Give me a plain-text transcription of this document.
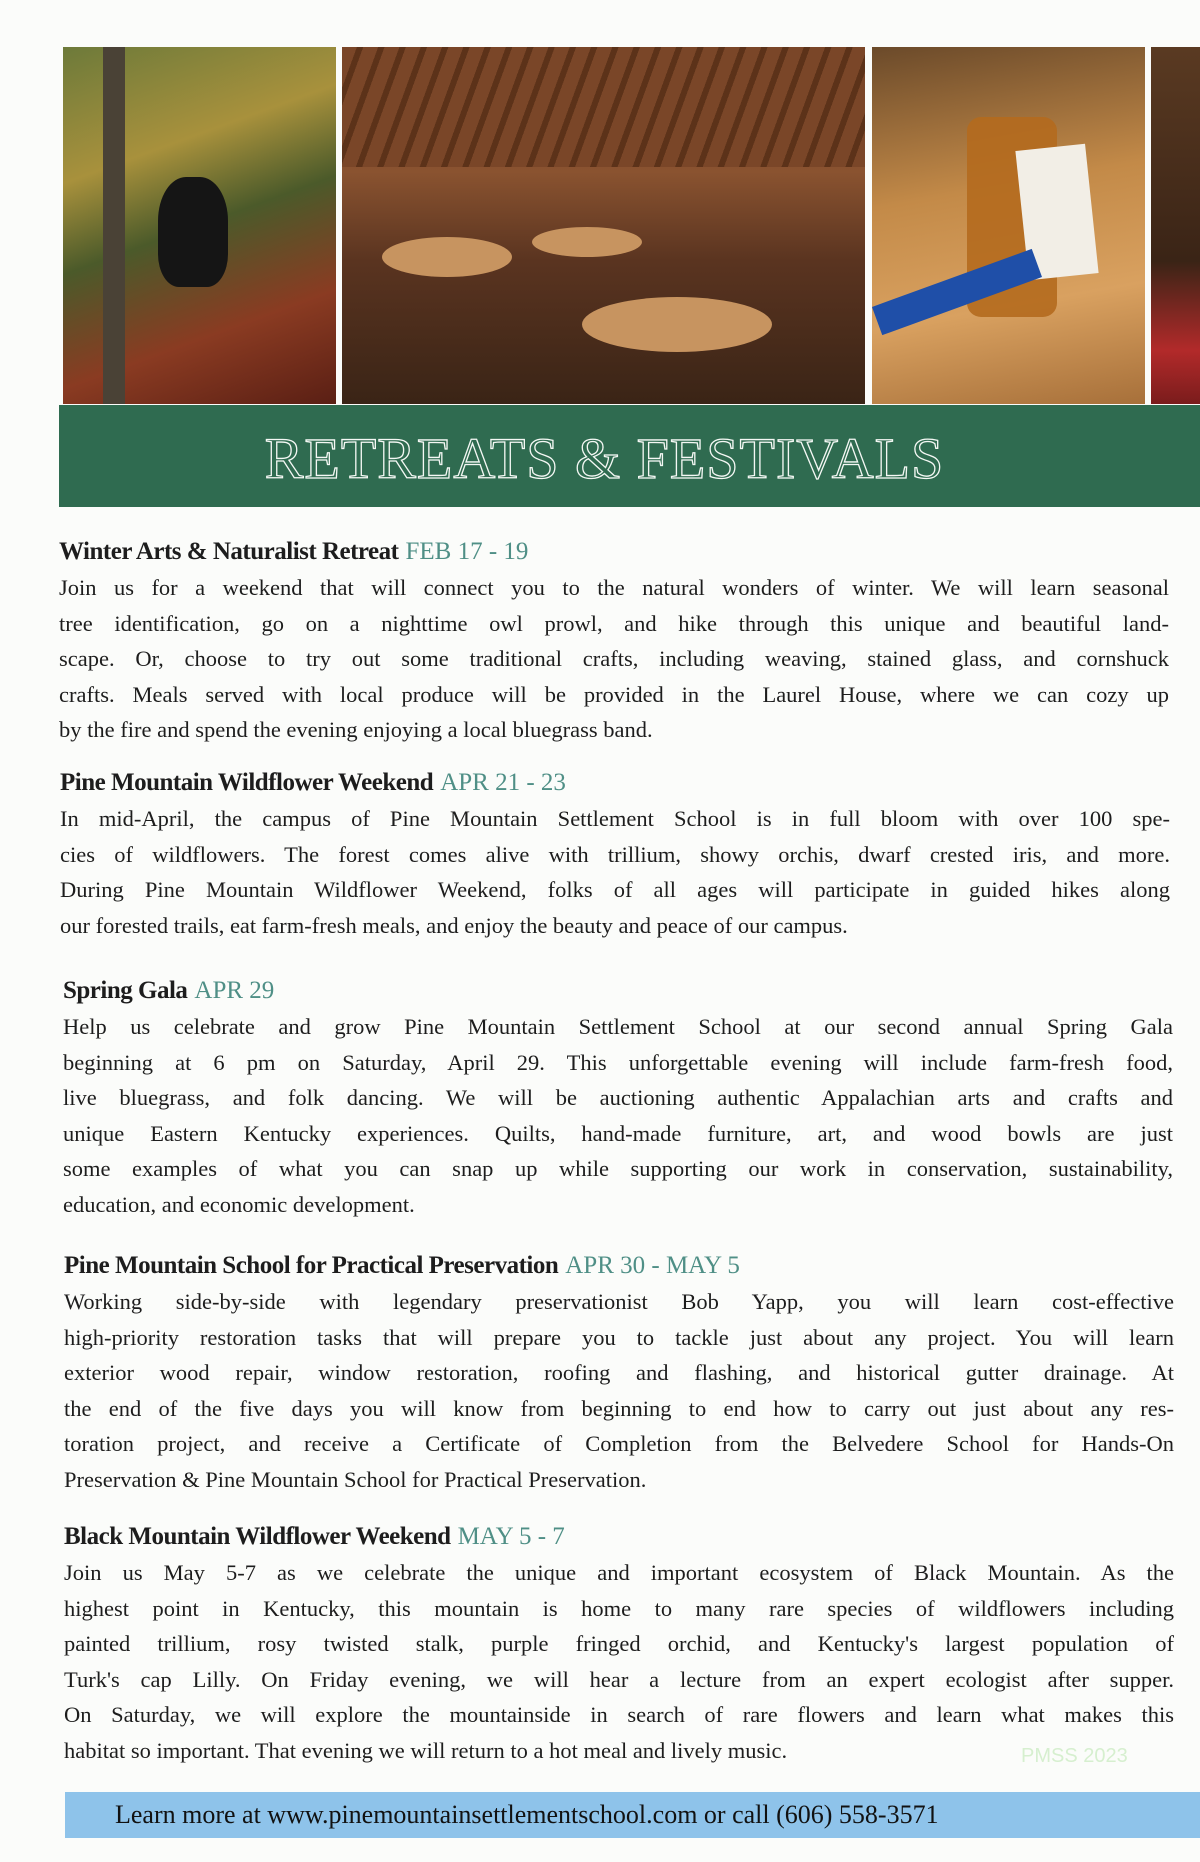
RETREATS & FESTIVALS
Winter Arts & Naturalist Retreat FEB 17 - 19
Join us for a weekend that will connect you to the natural wonders of winter. We will learn seasonal
tree identification, go on a nighttime owl prowl, and hike through this unique and beautiful land-
scape. Or, choose to try out some traditional crafts, including weaving, stained glass, and cornshuck
crafts. Meals served with local produce will be provided in the Laurel House, where we can cozy up
by the fire and spend the evening enjoying a local bluegrass band.
Pine Mountain Wildflower Weekend APR 21 - 23
In mid-April, the campus of Pine Mountain Settlement School is in full bloom with over 100 spe-
cies of wildflowers. The forest comes alive with trillium, showy orchis, dwarf crested iris, and more.
During Pine Mountain Wildflower Weekend, folks of all ages will participate in guided hikes along
our forested trails, eat farm-fresh meals, and enjoy the beauty and peace of our campus.
Spring Gala APR 29
Help us celebrate and grow Pine Mountain Settlement School at our second annual Spring Gala
beginning at 6 pm on Saturday, April 29. This unforgettable evening will include farm-fresh food,
live bluegrass, and folk dancing. We will be auctioning authentic Appalachian arts and crafts and
unique Eastern Kentucky experiences. Quilts, hand-made furniture, art, and wood bowls are just
some examples of what you can snap up while supporting our work in conservation, sustainability,
education, and economic development.
Pine Mountain School for Practical Preservation APR 30 - MAY 5
Working side-by-side with legendary preservationist Bob Yapp, you will learn cost-effective
high-priority restoration tasks that will prepare you to tackle just about any project. You will learn
exterior wood repair, window restoration, roofing and flashing, and historical gutter drainage. At
the end of the five days you will know from beginning to end how to carry out just about any res-
toration project, and receive a Certificate of Completion from the Belvedere School for Hands-On
Preservation & Pine Mountain School for Practical Preservation.
Black Mountain Wildflower Weekend MAY 5 - 7
Join us May 5-7 as we celebrate the unique and important ecosystem of Black Mountain. As the
highest point in Kentucky, this mountain is home to many rare species of wildflowers including
painted trillium, rosy twisted stalk, purple fringed orchid, and Kentucky's largest population of
Turk's cap Lilly. On Friday evening, we will hear a lecture from an expert ecologist after supper.
On Saturday, we will explore the mountainside in search of rare flowers and learn what makes this
habitat so important. That evening we will return to a hot meal and lively music.	PMSS 2023
Learn more at www.pinemountainsettlementschool.com or call (606) 558-3571
